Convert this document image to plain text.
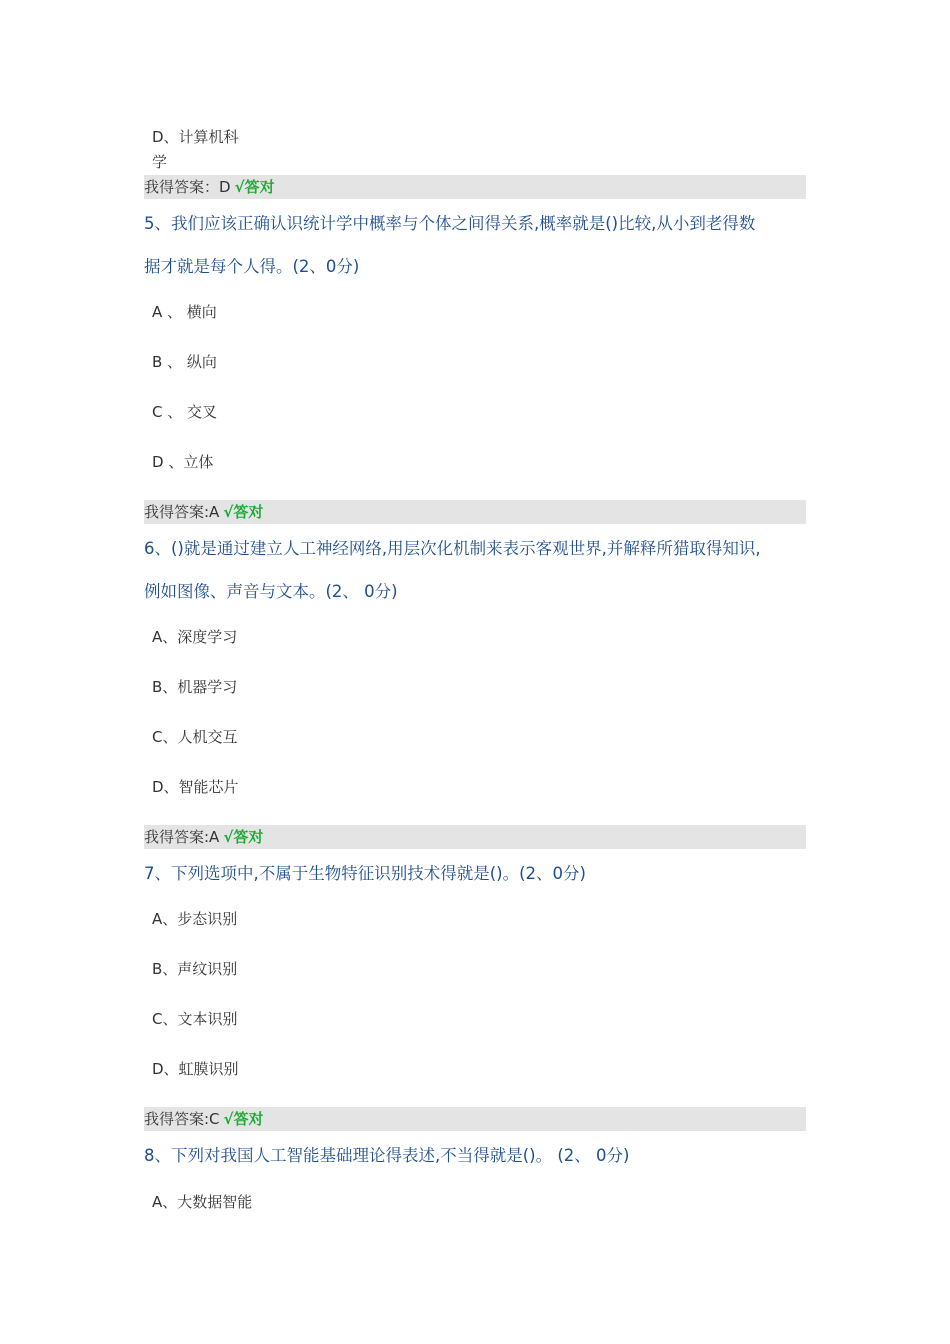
D、计算机科学
我得答案：D √答对
5、我们应该正确认识统计学中概率与个体之间得关系,概率就是()比较,从小到老得数
据才就是每个人得。(2、0分)
A 、 横向
B 、 纵向
C 、 交叉
D 、立体
我得答案:A √答对
6、()就是通过建立人工神经网络,用层次化机制来表示客观世界,并解释所猎取得知识,
例如图像、声音与文本。(2、 0分)
A、深度学习
B、机器学习
C、人机交互
D、智能芯片
我得答案:A √答对
7、下列选项中,不属于生物特征识别技术得就是()。(2、0分)
A、步态识别
B、声纹识别
C、文本识别
D、虹膜识别
我得答案:C √答对
8、下列对我国人工智能基础理论得表述,不当得就是()。 (2、 0分)
A、大数据智能
